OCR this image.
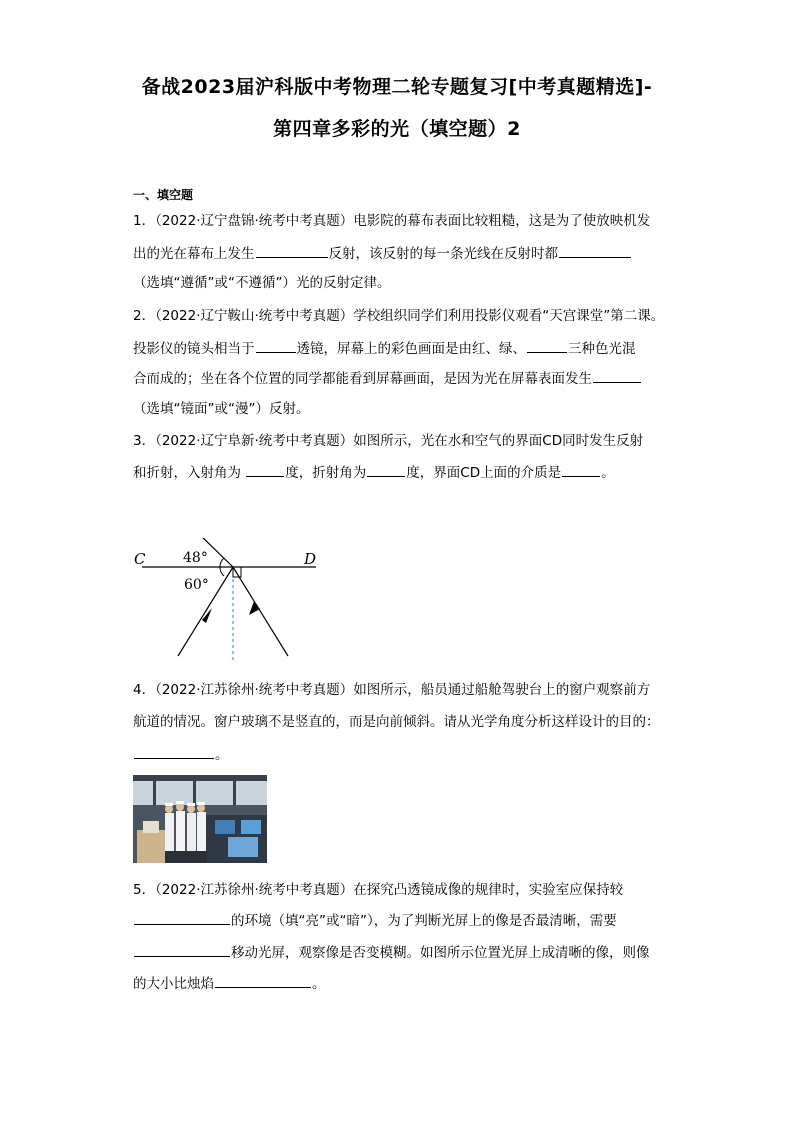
备战2023届沪科版中考物理二轮专题复习[中考真题精选]-
第四章多彩的光（填空题）2
一、填空题
1．（2022·辽宁盘锦·统考中考真题）电影院的幕布表面比较粗糙，这是为了使放映机发
出的光在幕布上发生	反射，该反射的每一条光线在反射时都
（选填“遵循”或“不遵循”）光的反射定律。
2．（2022·辽宁鞍山·统考中考真题）学校组织同学们利用投影仪观看“天宫课堂”第二课。
投影仪的镜头相当于	透镜，屏幕上的彩色画面是由红、绿、	三种色光混
合而成的；坐在各个位置的同学都能看到屏幕画面，是因为光在屏幕表面发生
（选填“镜面”或“漫”）反射。
3．（2022·辽宁阜新·统考中考真题）如图所示，光在水和空气的界面CD同时发生反射
和折射，入射角为	度，折射角为	度，界面CD上面的介质是	。
C	D
48°
60°
4．（2022·江苏徐州·统考中考真题）如图所示，船员通过船舱驾驶台上的窗户观察前方
航道的情况。窗户玻璃不是竖直的，而是向前倾斜。请从光学角度分析这样设计的目的：
。
5．（2022·江苏徐州·统考中考真题）在探究凸透镜成像的规律时，实验室应保持较
的环境（填“亮”或“暗”），为了判断光屏上的像是否最清晰，需要
移动光屏，观察像是否变模糊。如图所示位置光屏上成清晰的像，则像
的大小比烛焰	。
